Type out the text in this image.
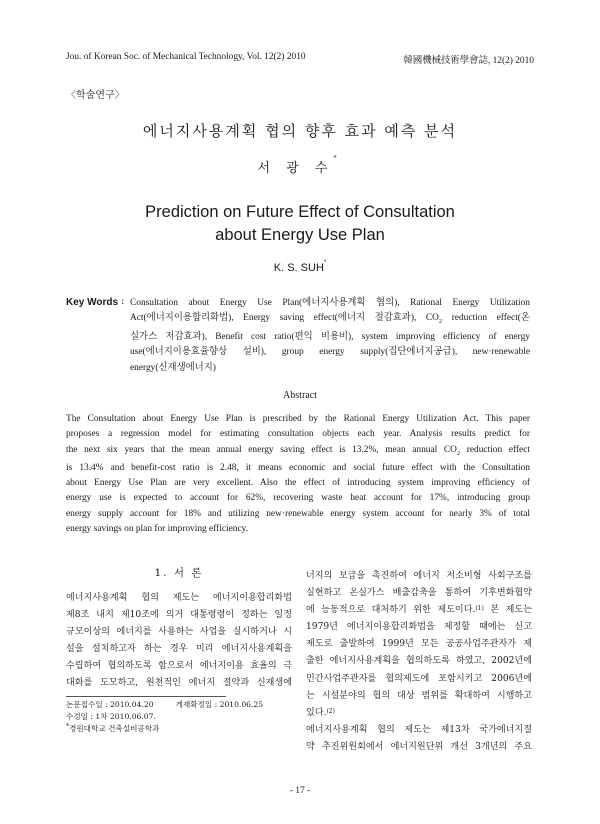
Jou. of Korean Soc. of Mechanical Technology, Vol. 12(2) 2010	韓國機械技術學會誌, 12(2) 2010
〈학술연구〉
에너지사용계획 협의 향후 효과 예측 분석
서 광 수*
Prediction on Future Effect of Consultation
about Energy Use Plan
K. S. SUH*
Key Words : Consultation about Energy Use Plan(에너지사용계획 협의), Rational Energy Utilization
Act(에너지이용합리화법), Energy saving effect(에너지 절감효과), $CO_2$ reduction effect(온
실가스 저감효과), Benefit cost ratio(편익 비용비), system improving efficiency of energy
use(에너지이용효율향상 설비), group energy supply(집단에너지공급), new·renewable
energy(신재생에너지)
Abstract
The Consultation about Energy Use Plan is prescribed by the Rational Energy Utilization Act. This paper
proposes a regression model for estimating consultation objects each year. Analysis results predict for
the next six years that the mean annual energy saving effect is 13.2%, mean annual $CO_2$ reduction effect
is 13.4% and benefit-cost ratio is 2.48, it means economic and social future effect with the Consultation
about Energy Use Plan are very excellent. Also the effect of introducing system improving efficiency of
energy use is expected to account for 62%, recovering waste heat account for 17%, introducing group
energy supply account for 18% and utilizing new·renewable energy system account for nearly 3% of total
energy savings on plan for improving efficiency.
1. 서 론
에너지사용계획 협의 제도는 에너지이용합리화법
제8조 내지 제10조에 의거 대통령령이 정하는 일정
규모이상의 에너지를 사용하는 사업을 실시하거나 시
설을 설치하고자 하는 경우 미리 에너지사용계획을
수립하여 협의하도록 함으로서 에너지이용 효율의 극
대화를 도모하고, 원천적인 에너지 절약과 신재생에
논문접수일 : 2010.04.20	게재확정일 : 2010.06.25
수정일 : 1차 2010.06.07.
*경원대학교 건축설비공학과
너지의 보급을 촉진하여 에너지 저소비형 사회구조를
실현하고 온실가스 배출감축을 통하여 기후변화협약
에 능동적으로 대처하기 위한 제도이다.$^{(1)}$ 본 제도는
1979년 에너지이용합리화법을 제정할 때에는 신고
제도로 출발하여 1999년 모든 공공사업주관자가 제
출한 에너지사용계획을 협의하도록 하였고, 2002년에
민간사업주관자를 협의제도에 포함시키고 2006년에
는 시설분야의 협의 대상 범위를 확대하여 시행하고
있다.$^{(2)}$
에너지사용계획 협의 제도는 제13차 국가에너지절
약 추진위원회에서 에너지원단위 개선 3개년의 주요
- 17 -
